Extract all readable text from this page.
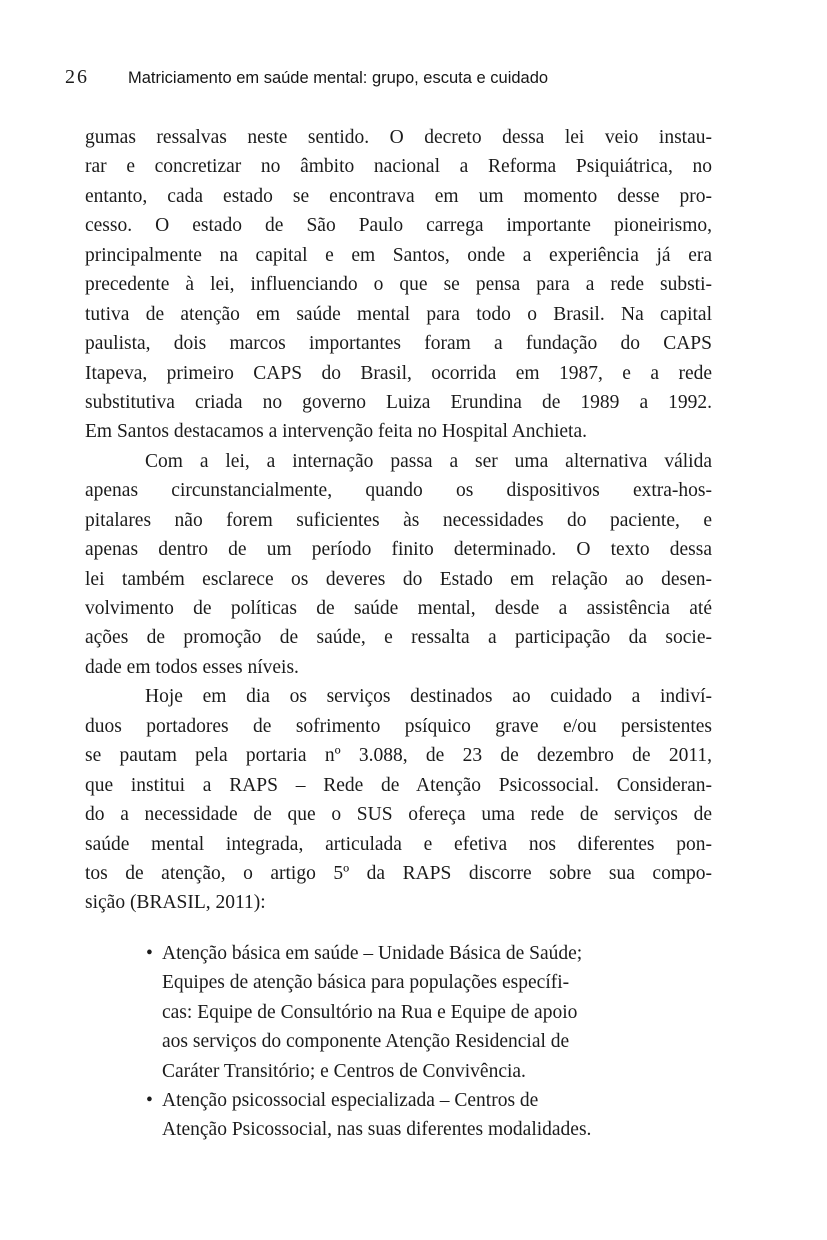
26 Matriciamento em saúde mental: grupo, escuta e cuidado
gumas ressalvas neste sentido. O decreto dessa lei veio instau-
rar e concretizar no âmbito nacional a Reforma Psiquiátrica, no
entanto, cada estado se encontrava em um momento desse pro-
cesso. O estado de São Paulo carrega importante pioneirismo,
principalmente na capital e em Santos, onde a experiência já era
precedente à lei, influenciando o que se pensa para a rede substi-
tutiva de atenção em saúde mental para todo o Brasil. Na capital
paulista, dois marcos importantes foram a fundação do CAPS
Itapeva, primeiro CAPS do Brasil, ocorrida em 1987, e a rede
substitutiva criada no governo Luiza Erundina de 1989 a 1992.
Em Santos destacamos a intervenção feita no Hospital Anchieta.
Com a lei, a internação passa a ser uma alternativa válida
apenas circunstancialmente, quando os dispositivos extra-hos-
pitalares não forem suficientes às necessidades do paciente, e
apenas dentro de um período finito determinado. O texto dessa
lei também esclarece os deveres do Estado em relação ao desen-
volvimento de políticas de saúde mental, desde a assistência até
ações de promoção de saúde, e ressalta a participação da socie-
dade em todos esses níveis.
Hoje em dia os serviços destinados ao cuidado a indiví-
duos portadores de sofrimento psíquico grave e/ou persistentes
se pautam pela portaria nº 3.088, de 23 de dezembro de 2011,
que institui a RAPS – Rede de Atenção Psicossocial. Consideran-
do a necessidade de que o SUS ofereça uma rede de serviços de
saúde mental integrada, articulada e efetiva nos diferentes pon-
tos de atenção, o artigo 5º da RAPS discorre sobre sua compo-
sição (BRASIL, 2011):
• Atenção básica em saúde – Unidade Básica de Saúde;
Equipes de atenção básica para populações específi-
cas: Equipe de Consultório na Rua e Equipe de apoio
aos serviços do componente Atenção Residencial de
Caráter Transitório; e Centros de Convivência.
• Atenção psicossocial especializada – Centros de
Atenção Psicossocial, nas suas diferentes modalidades.
